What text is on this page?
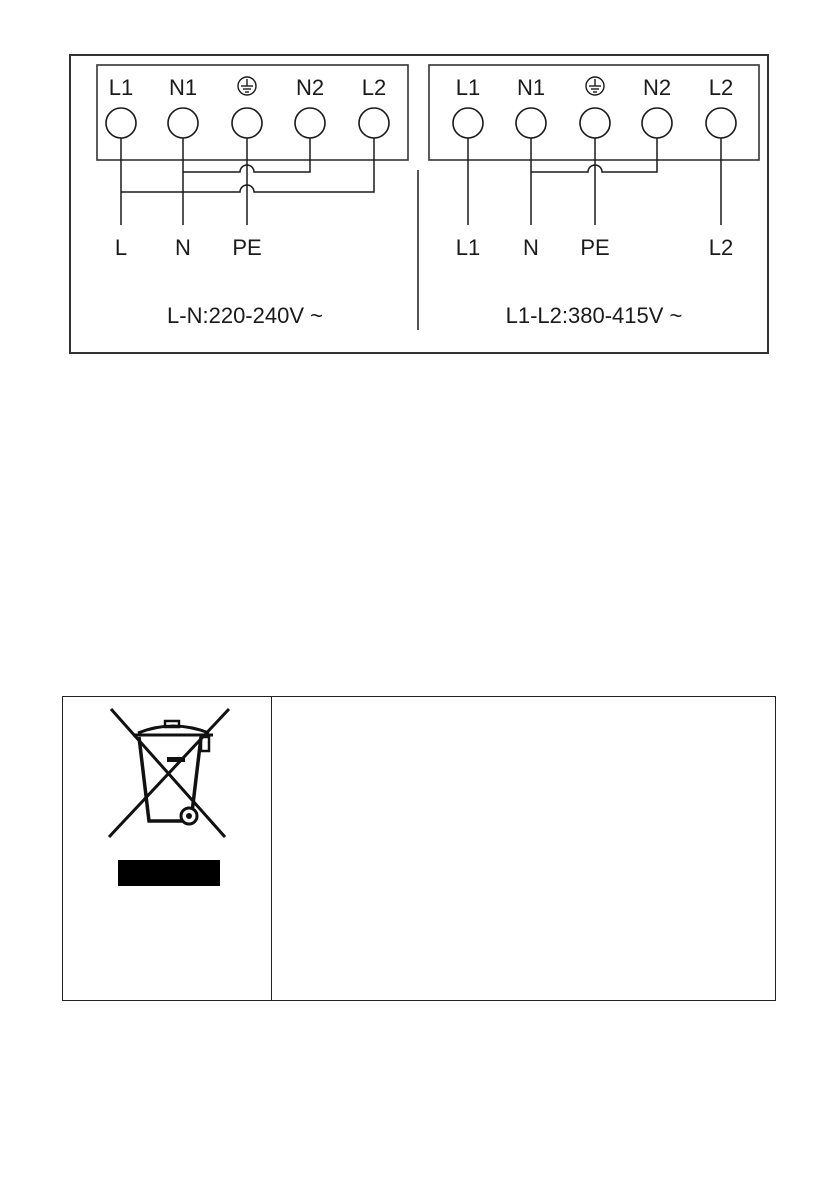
L1 N1	N2 L2
L N PE
L-N:220-240V ~
L1 N1	N2 L2
L1 N PE	L2
L1-L2:380-415V ~
